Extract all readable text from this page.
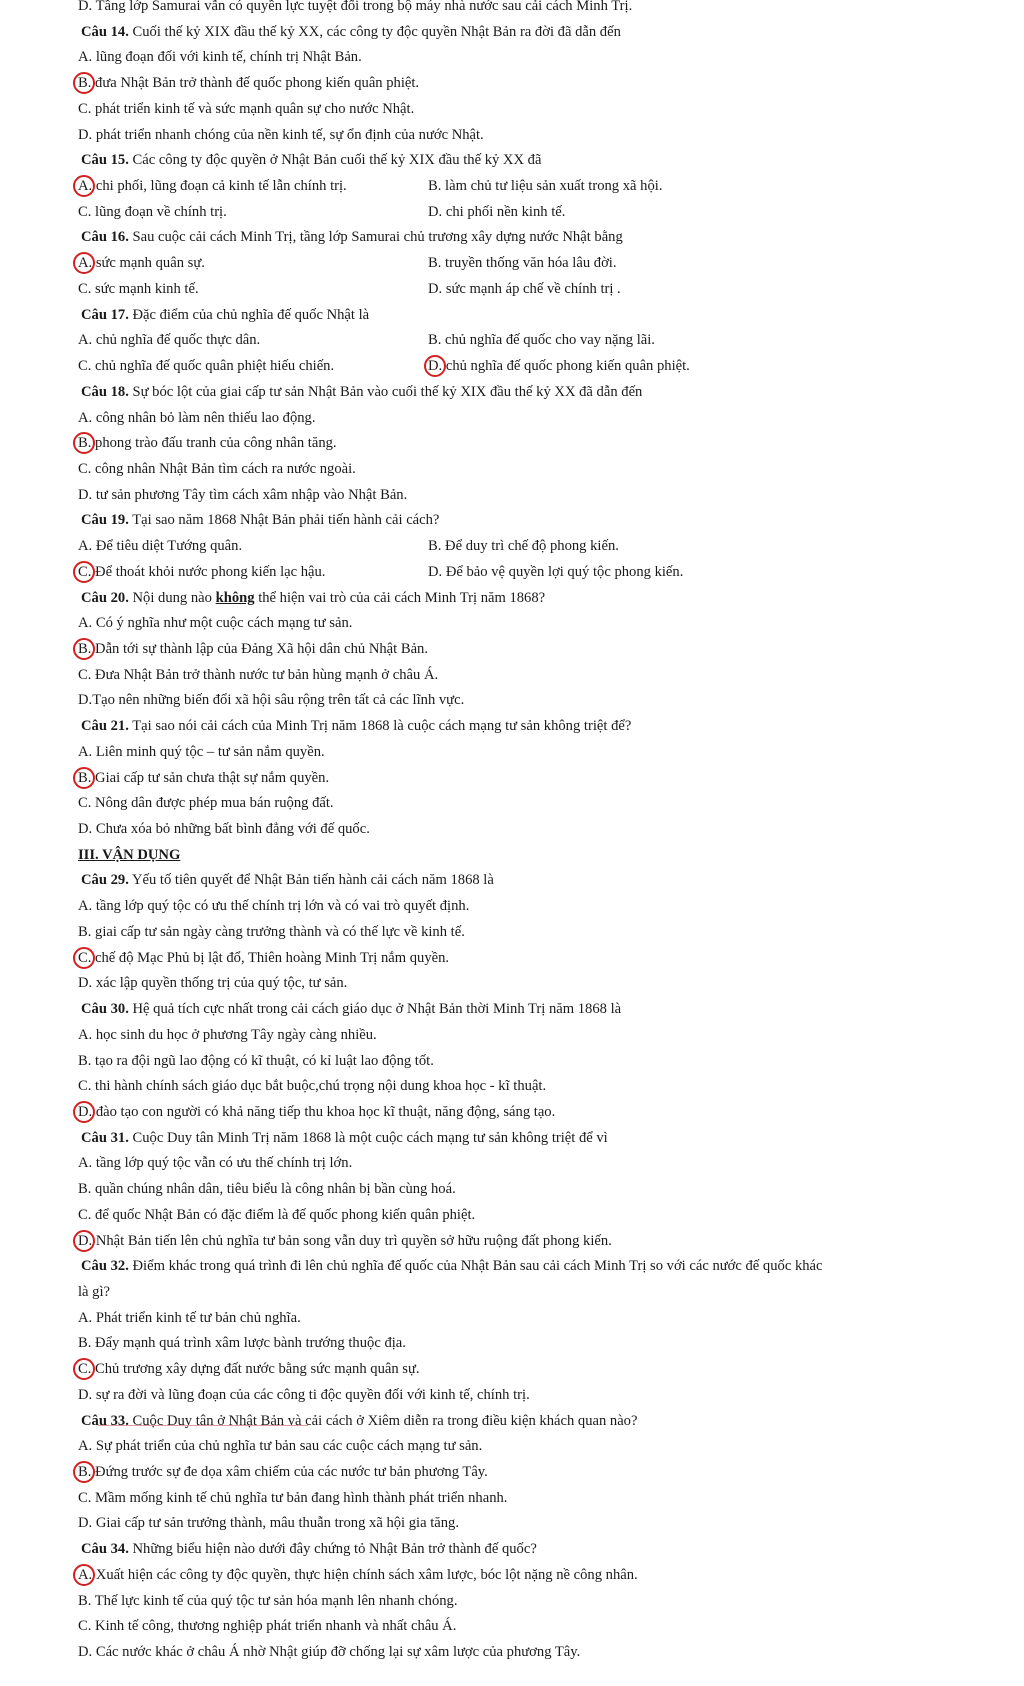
D. Tầng lớp Samurai vẫn có quyền lực tuyệt đối trong bộ máy nhà nước sau cải cách Minh Trị.
Câu 14. Cuối thế kỷ XIX đầu thế kỷ XX, các công ty độc quyền Nhật Bản ra đời đã dẫn đến
A. lũng đoạn đối với kinh tế, chính trị Nhật Bản.
B. đưa Nhật Bản trở thành đế quốc phong kiến quân phiệt.
C. phát triển kinh tế và sức mạnh quân sự cho nước Nhật.
D. phát triển nhanh chóng của nền kinh tế, sự ổn định của nước Nhật.
Câu 15. Các công ty độc quyền ở Nhật Bản cuối thế kỷ XIX đầu thế kỷ XX đã
A. chi phối, lũng đoạn cả kinh tế lẫn chính trị.	B. làm chủ tư liệu sản xuất trong xã hội.
C. lũng đoạn về chính trị.	D. chi phối nền kinh tế.
Câu 16. Sau cuộc cải cách Minh Trị, tầng lớp Samurai chủ trương xây dựng nước Nhật bằng
A. sức mạnh quân sự.	B. truyền thống văn hóa lâu đời.
C. sức mạnh kinh tế.	D. sức mạnh áp chế về chính trị .
Câu 17. Đặc điểm của chủ nghĩa đế quốc Nhật là
A. chủ nghĩa đế quốc thực dân.	B. chủ nghĩa đế quốc cho vay nặng lãi.
C. chủ nghĩa đế quốc quân phiệt hiếu chiến.	D. chủ nghĩa đế quốc phong kiến quân phiệt.
Câu 18. Sự bóc lột của giai cấp tư sản Nhật Bản vào cuối thế kỷ XIX đầu thế kỷ XX đã dẫn đến
A. công nhân bỏ làm nên thiếu lao động.
B. phong trào đấu tranh của công nhân tăng.
C. công nhân Nhật Bản tìm cách ra nước ngoài.
D. tư sản phương Tây tìm cách xâm nhập vào Nhật Bản.
Câu 19. Tại sao năm 1868 Nhật Bản phải tiến hành cải cách?
A. Để tiêu diệt Tướng quân.	B. Để duy trì chế độ phong kiến.
C. Để thoát khỏi nước phong kiến lạc hậu.	D. Để bảo vệ quyền lợi quý tộc phong kiến.
Câu 20. Nội dung nào không thể hiện vai trò của cải cách Minh Trị năm 1868?
A. Có ý nghĩa như một cuộc cách mạng tư sản.
B. Dẫn tới sự thành lập của Đảng Xã hội dân chủ Nhật Bản.
C. Đưa Nhật Bản trở thành nước tư bản hùng mạnh ở châu Á.
D.Tạo nên những biến đổi xã hội sâu rộng trên tất cả các lĩnh vực.
Câu 21. Tại sao nói cải cách của Minh Trị năm 1868 là cuộc cách mạng tư sản không triệt để?
A. Liên minh quý tộc – tư sản nắm quyền.
B. Giai cấp tư sản chưa thật sự nắm quyền.
C. Nông dân được phép mua bán ruộng đất.
D. Chưa xóa bỏ những bất bình đẳng với đế quốc.
III. VẬN DỤNG
Câu 29. Yếu tố tiên quyết để Nhật Bản tiến hành cải cách năm 1868 là
A. tầng lớp quý tộc có ưu thế chính trị lớn và có vai trò quyết định.
B. giai cấp tư sản ngày càng trưởng thành và có thế lực về kinh tế.
C. chế độ Mạc Phủ bị lật đổ, Thiên hoàng Minh Trị nắm quyền.
D. xác lập quyền thống trị của quý tộc, tư sản.
Câu 30. Hệ quả tích cực nhất trong cải cách giáo dục ở Nhật Bản thời Minh Trị năm 1868 là
A. học sinh du học ở phương Tây ngày càng nhiều.
B. tạo ra đội ngũ lao động có kĩ thuật, có kỉ luật lao động tốt.
C. thi hành chính sách giáo dục bắt buộc,chú trọng nội dung khoa học - kĩ thuật.
D. đào tạo con người có khả năng tiếp thu khoa học kĩ thuật, năng động, sáng tạo.
Câu 31. Cuộc Duy tân Minh Trị năm 1868 là một cuộc cách mạng tư sản không triệt để vì
A. tầng lớp quý tộc vẫn có ưu thế chính trị lớn.
B. quần chúng nhân dân, tiêu biểu là công nhân bị bần cùng hoá.
C. để quốc Nhật Bản có đặc điểm là đế quốc phong kiến quân phiệt.
D. Nhật Bản tiến lên chủ nghĩa tư bản song vẫn duy trì quyền sở hữu ruộng đất phong kiến.
Câu 32. Điểm khác trong quá trình đi lên chủ nghĩa đế quốc của Nhật Bản sau cải cách Minh Trị so với các nước đế quốc khác
là gì?
A. Phát triển kinh tế tư bản chủ nghĩa.
B. Đẩy mạnh quá trình xâm lược bành trướng thuộc địa.
C. Chủ trương xây dựng đất nước bằng sức mạnh quân sự.
D. sự ra đời và lũng đoạn của các công ti độc quyền đối với kinh tế, chính trị.
Câu 33. Cuộc Duy tân ở Nhật Bản và cải cách ở Xiêm diễn ra trong điều kiện khách quan nào?
A. Sự phát triển của chủ nghĩa tư bản sau các cuộc cách mạng tư sản.
B. Đứng trước sự đe dọa xâm chiếm của các nước tư bản phương Tây.
C. Mầm mống kinh tế chủ nghĩa tư bản đang hình thành phát triển nhanh.
D. Giai cấp tư sản trưởng thành, mâu thuẫn trong xã hội gia tăng.
Câu 34. Những biểu hiện nào dưới đây chứng tỏ Nhật Bản trở thành đế quốc?
A. Xuất hiện các công ty độc quyền, thực hiện chính sách xâm lược, bóc lột nặng nề công nhân.
B. Thế lực kinh tế của quý tộc tư sản hóa mạnh lên nhanh chóng.
C. Kinh tế công, thương nghiệp phát triển nhanh và nhất châu Á.
D. Các nước khác ở châu Á nhờ Nhật giúp đỡ chống lại sự xâm lược của phương Tây.
